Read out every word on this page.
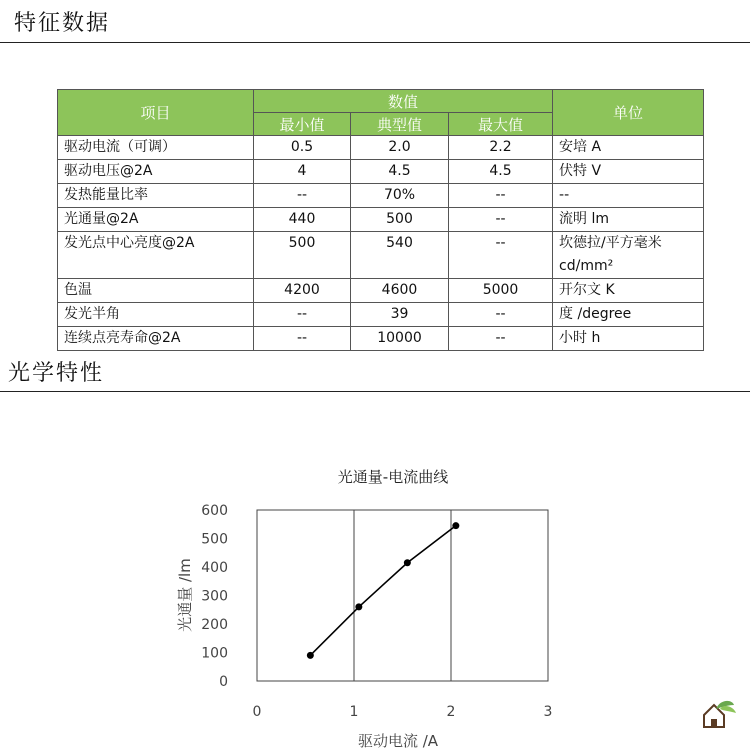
特征数据
项目	数值			单位
	最小值	典型值	最大值	
驱动电流（可调）	0.5	2.0	2.2	安培 A
驱动电压@2A	4	4.5	4.5	伏特 V
发热能量比率	--	70%	--	--
光通量@2A	440	500	--	流明 lm
发光点中心亮度@2A	500	540	--	坎德拉/平方毫米
cd/mm²

色温	4200	4600	5000	开尔文 K
发光半角	--	39	--	度 /degree
连续点亮寿命@2A	--	10000	--	小时 h
光学特性
光通量-电流曲线
0
100
200
300
400
500
600
0	1	2	3
驱动电流 /A
光通量 /lm
